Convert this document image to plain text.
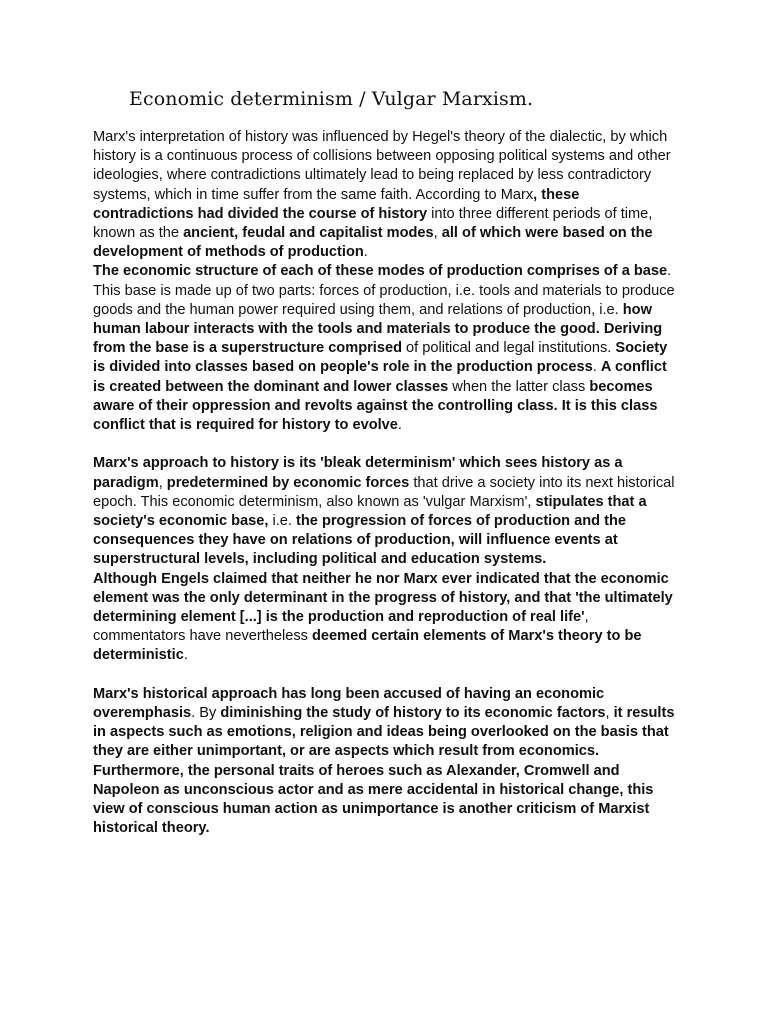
Economic determinism / Vulgar Marxism.

Marx's interpretation of history was influenced by Hegel's theory of the dialectic, by which history is a continuous process of collisions between opposing political systems and other ideologies, where contradictions ultimately lead to being replaced by less contradictory systems, which in time suffer from the same faith. According to Marx, these contradictions had divided the course of history into three different periods of time, known as the ancient, feudal and capitalist modes, all of which were based on the development of methods of production.

The economic structure of each of these modes of production comprises of a base. This base is made up of two parts: forces of production, i.e. tools and materials to produce goods and the human power required using them, and relations of production, i.e. how human labour interacts with the tools and materials to produce the good. Deriving from the base is a superstructure comprised of political and legal institutions. Society is divided into classes based on people's role in the production process. A conflict is created between the dominant and lower classes when the latter class becomes aware of their oppression and revolts against the controlling class. It is this class conflict that is required for history to evolve.

Marx's approach to history is its 'bleak determinism' which sees history as a paradigm, predetermined by economic forces that drive a society into its next historical epoch. This economic determinism, also known as 'vulgar Marxism', stipulates that a society's economic base, i.e. the progression of forces of production and the consequences they have on relations of production, will influence events at superstructural levels, including political and education systems.

Although Engels claimed that neither he nor Marx ever indicated that the economic element was the only determinant in the progress of history, and that 'the ultimately determining element [...] is the production and reproduction of real life', commentators have nevertheless deemed certain elements of Marx's theory to be deterministic.

Marx's historical approach has long been accused of having an economic overemphasis. By diminishing the study of history to its economic factors, it results in aspects such as emotions, religion and ideas being overlooked on the basis that they are either unimportant, or are aspects which result from economics. Furthermore, the personal traits of heroes such as Alexander, Cromwell and Napoleon as unconscious actor and as mere accidental in historical change, this view of conscious human action as unimportance is another criticism of Marxist historical theory.
